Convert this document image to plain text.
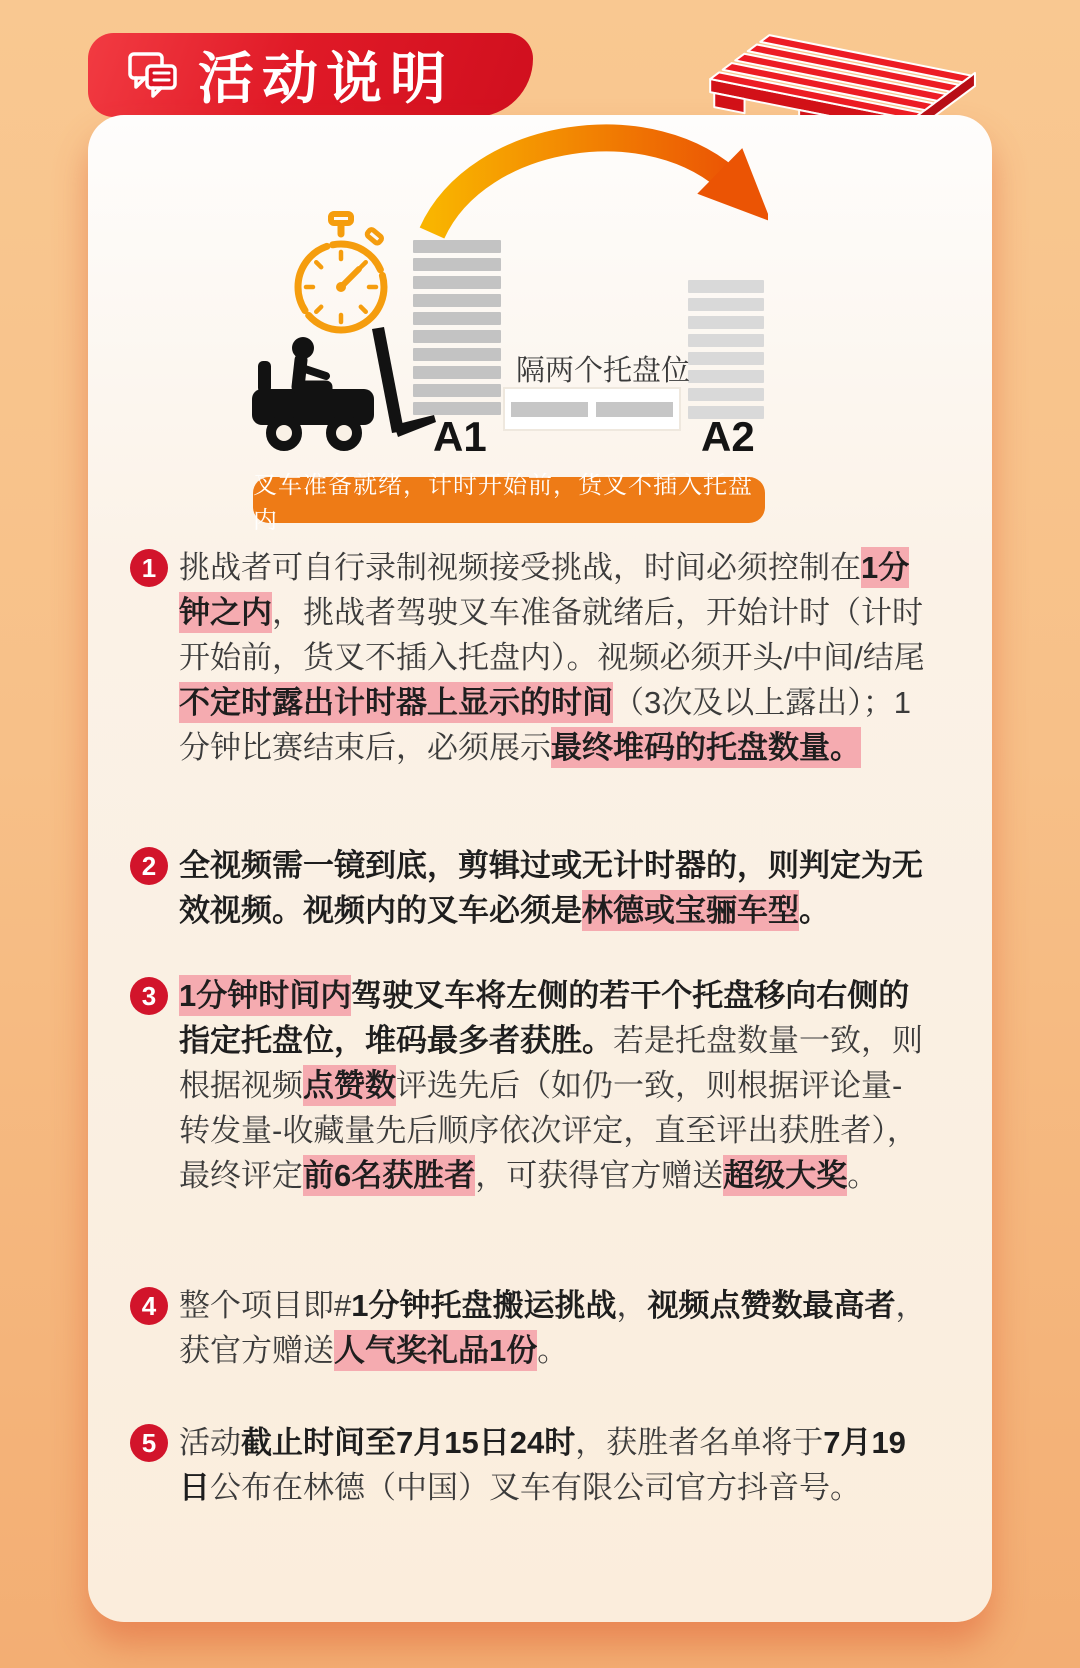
活动说明
隔两个托盘位
A1	A2
叉车准备就绪，计时开始前，货叉不插入托盘内
1 挑战者可自行录制视频接受挑战，时间必须控制在1分钟之内，挑战者驾驶叉车准备就绪后，开始计时（计时开始前，货叉不插入托盘内）。视频必须开头/中间/结尾不定时露出计时器上显示的时间（3次及以上露出）；1分钟比赛结束后，必须展示最终堆码的托盘数量。

2 全视频需一镜到底，剪辑过或无计时器的，则判定为无效视频。视频内的叉车必须是林德或宝骊车型。

3 1分钟时间内驾驶叉车将左侧的若干个托盘移向右侧的指定托盘位，堆码最多者获胜。若是托盘数量一致，则根据视频点赞数评选先后（如仍一致，则根据评论量-转发量-收藏量先后顺序依次评定，直至评出获胜者），最终评定前6名获胜者，可获得官方赠送超级大奖。

4 整个项目即#1分钟托盘搬运挑战，视频点赞数最高者，获官方赠送人气奖礼品1份。

5 活动截止时间至7月15日24时，获胜者名单将于7月19日公布在林德（中国）叉车有限公司官方抖音号。
